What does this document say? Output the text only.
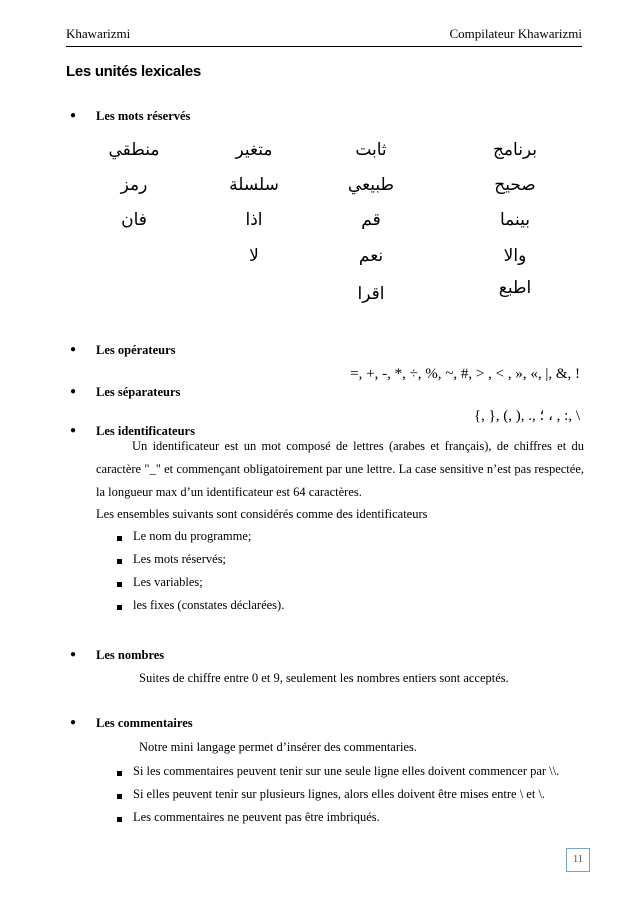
Khawarizmi	Compilateur Khawarizmi
Les unités lexicales
● Les mots réservés
برنامج
ثابت
متغير
منطقي
صحيح
طبيعي
سلسلة
رمز
بينما
قم
اذا
فان
والا
نعم
لا
اطبع
اقرا
● Les opérateurs
=, +, -, *, ÷, %, ~, #, > , < , », «, |, &, !
● Les séparateurs
{, }, (, ), ., ؛ ، , :, \
● Les identificateurs
Un identificateur est un mot composé de lettres (arabes et français), de chiffres et du caractère "_" et commençant obligatoirement par une lettre. La case sensitive n’est pas respectée, la longueur max d’un identificateur est 64 caractères.
Les ensembles suivants sont considérés comme des identificateurs
Le nom du programme;
Les mots réservés;
Les variables;
les fixes (constates déclarées).
● Les nombres
Suites de chiffre entre 0 et 9, seulement les nombres entiers sont acceptés.
● Les commentaires
Notre mini langage permet d’insérer des commentaries.
Si les commentaires peuvent tenir sur une seule ligne elles doivent commencer par \\.
Si elles peuvent tenir sur plusieurs lignes, alors elles doivent être mises entre \ et \.
Les commentaires ne peuvent pas être imbriqués.
11
